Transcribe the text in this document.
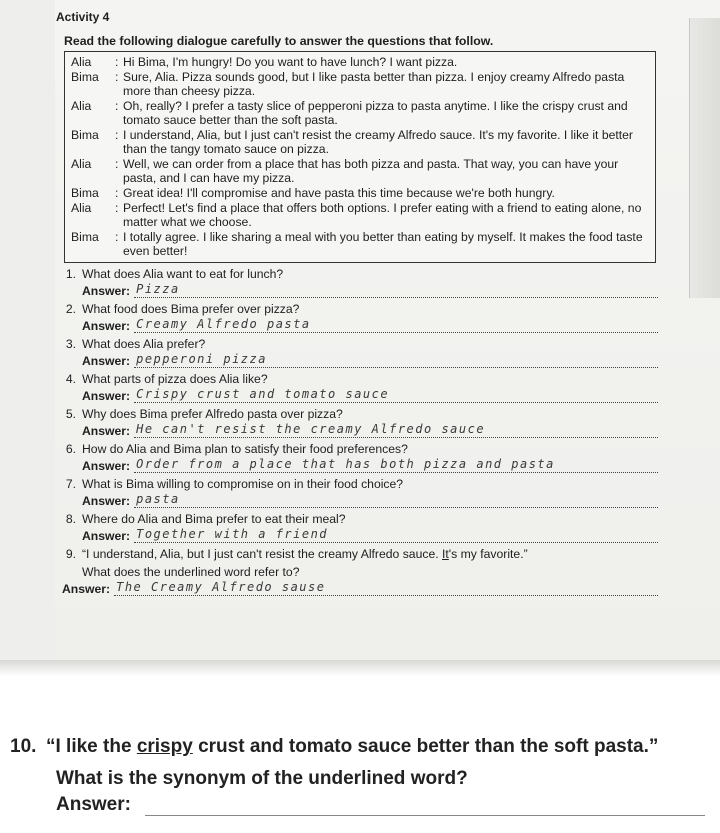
Activity 4
Read the following dialogue carefully to answer the questions that follow.
Alia	: Hi Bima, I'm hungry! Do you want to have lunch? I want pizza.
Bima	: Sure, Alia. Pizza sounds good, but I like pasta better than pizza. I enjoy creamy Alfredo pasta more than cheesy pizza.
Alia	: Oh, really? I prefer a tasty slice of pepperoni pizza to pasta anytime. I like the crispy crust and tomato sauce better than the soft pasta.
Bima	: I understand, Alia, but I just can't resist the creamy Alfredo sauce. It's my favorite. I like it better than the tangy tomato sauce on pizza.
Alia	: Well, we can order from a place that has both pizza and pasta. That way, you can have your pasta, and I can have my pizza.
Bima	: Great idea! I'll compromise and have pasta this time because we're both hungry.
Alia	: Perfect! Let's find a place that offers both options. I prefer eating with a friend to eating alone, no matter what we choose.
Bima	: I totally agree. I like sharing a meal with you better than eating by myself. It makes the food taste even better!
1. What does Alia want to eat for lunch?
Answer: Pizza
2. What food does Bima prefer over pizza?
Answer: Creamy Alfredo pasta
3. What does Alia prefer?
Answer: pepperoni pizza
4. What parts of pizza does Alia like?
Answer: Crispy crust and tomato sauce
5. Why does Bima prefer Alfredo pasta over pizza?
Answer: He can't resist the creamy Alfredo sauce
6. How do Alia and Bima plan to satisfy their food preferences?
Answer: Order from a place that has both pizza and pasta
7. What is Bima willing to compromise on in their food choice?
Answer: pasta
8. Where do Alia and Bima prefer to eat their meal?
Answer: Together with a friend
9. “I understand, Alia, but I just can't resist the creamy Alfredo sauce. It's my favorite.”
What does the underlined word refer to?
Answer: The Creamy Alfredo sause
10. “I like the crispy crust and tomato sauce better than the soft pasta.”
What is the synonym of the underlined word?
Answer:
